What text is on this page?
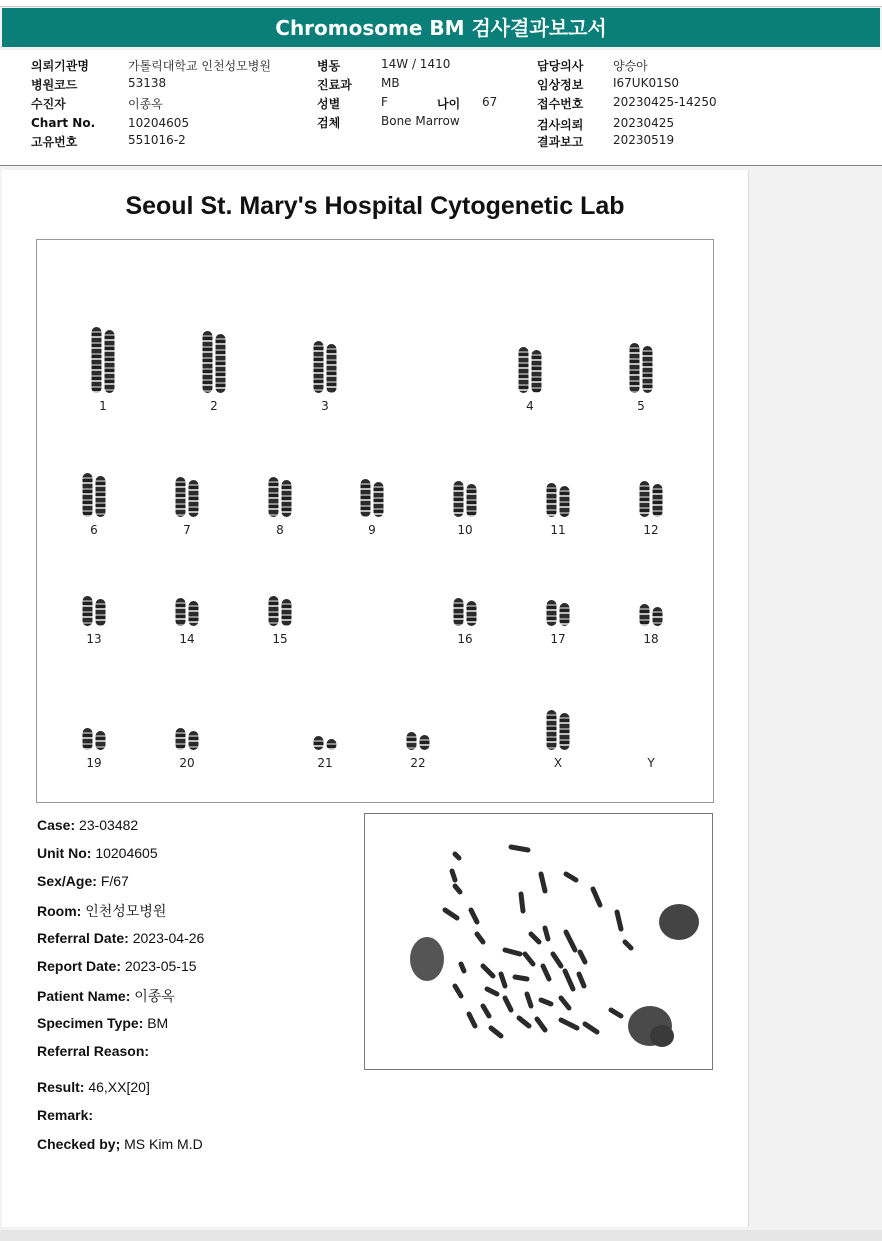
Chromosome BM 검사결과보고서
의뢰기관명	가톨릭대학교 인천성모병원
병원코드	53138
수진자	이종옥
Chart No.	10204605
고유번호	551016-2
병동	14W / 1410
진료과 MB
성별	F	나이 67
검체	Bone Marrow
담당의사 양승아
임상정보 I67UK01S0
접수번호 20230425-14250
검사의뢰 20230425
결과보고 20230519
Seoul St. Mary's Hospital Cytogenetic Lab
1	2	3	4	5
6	7	8	9	10	11	12
13	14	15	16	17	18
19	20	21	22	X	Y
Case: 23-03482
Unit No: 10204605
Sex/Age: F/67
Room: 인천성모병원
Referral Date: 2023-04-26
Report Date: 2023-05-15
Patient Name: 이종옥
Specimen Type: BM
Referral Reason:
Result: 46,XX[20]
Remark:
Checked by; MS Kim M.D
